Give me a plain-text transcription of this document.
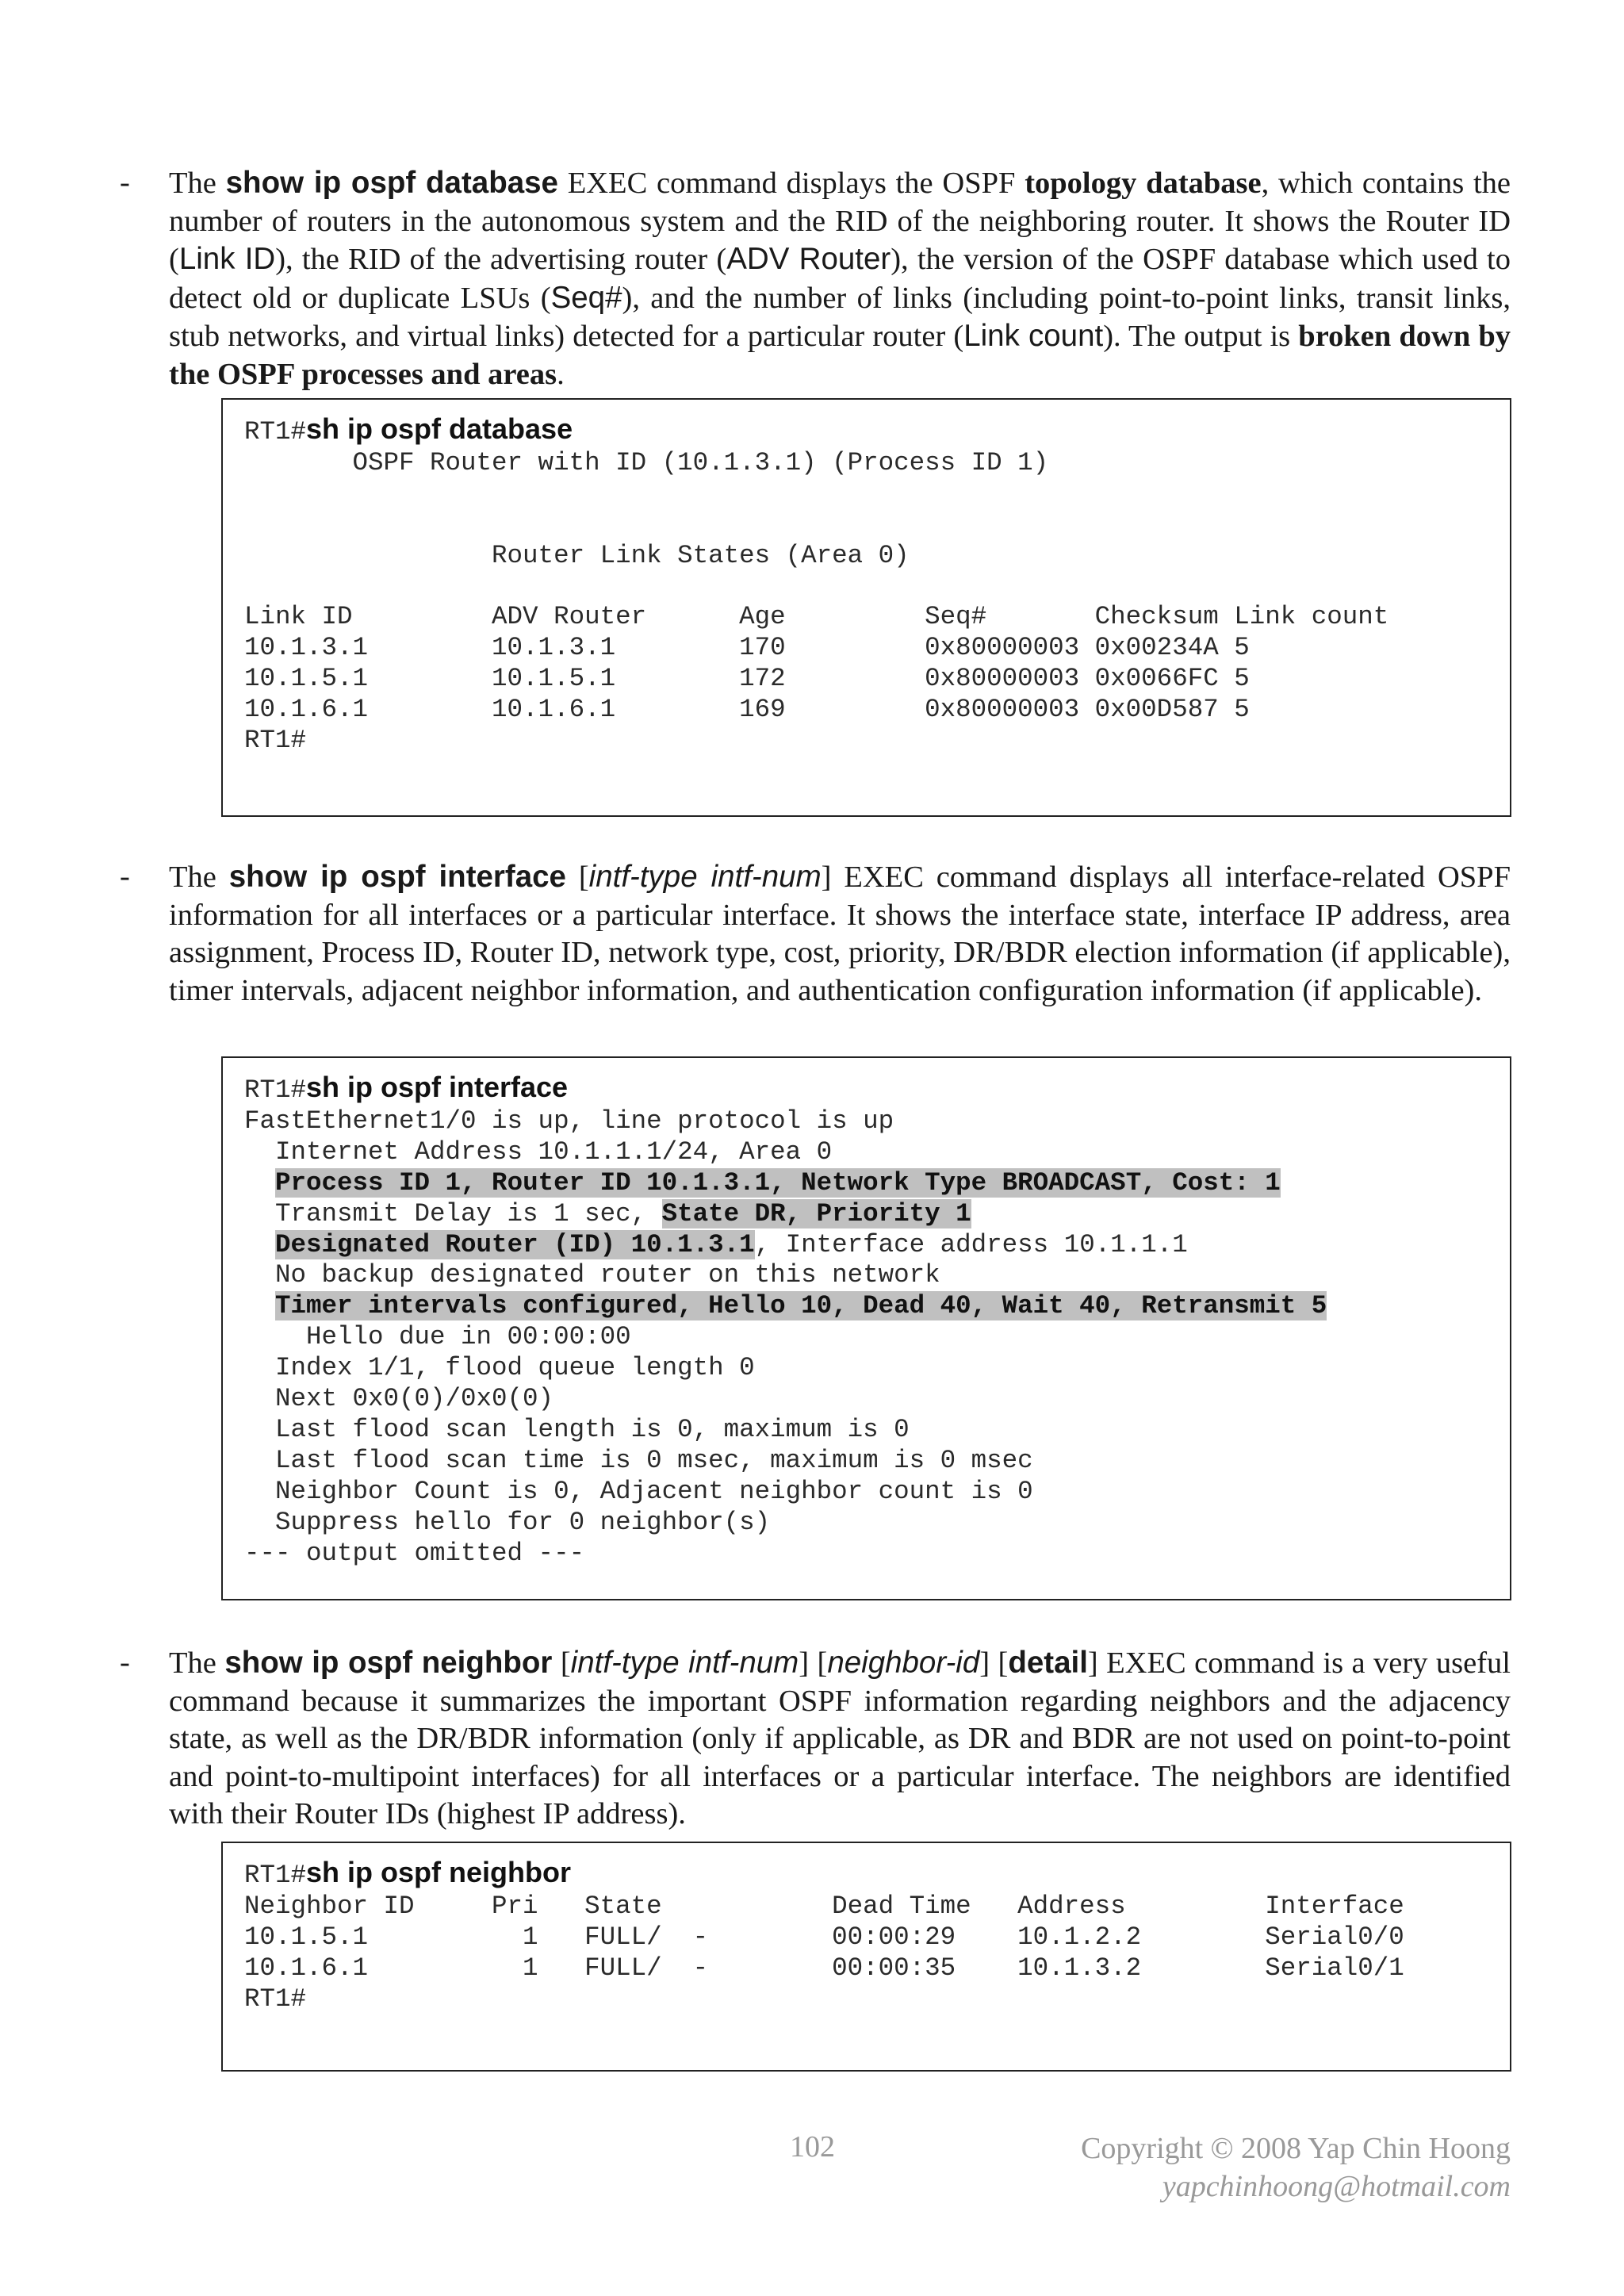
- The show ip ospf database EXEC command displays the OSPF topology database, which contains the number of routers in the autonomous system and the RID of the neighboring router. It shows the Router ID (Link ID), the RID of the advertising router (ADV Router), the version of the OSPF database which used to detect old or duplicate LSUs (Seq#), and the number of links (including point-to-point links, transit links, stub networks, and virtual links) detected for a particular router (Link count). The output is broken down by the OSPF processes and areas.

RT1#sh ip ospf database
OSPF Router with ID (10.1.3.1) (Process ID 1)

Router Link States (Area 0)

Link ID         ADV Router      Age         Seq#       Checksum Link count
10.1.3.1        10.1.3.1        170         0x80000003 0x00234A 5
10.1.5.1        10.1.5.1        172         0x80000003 0x0066FC 5
10.1.6.1        10.1.6.1        169         0x80000003 0x00D587 5
RT1#

- The show ip ospf interface [intf-type intf-num] EXEC command displays all interface-related OSPF information for all interfaces or a particular interface. It shows the interface state, interface IP address, area assignment, Process ID, Router ID, network type, cost, priority, DR/BDR election information (if applicable), timer intervals, adjacent neighbor information, and authentication configuration information (if applicable).

RT1#sh ip ospf interface
FastEthernet1/0 is up, line protocol is up
Internet Address 10.1.1.1/24, Area 0
Process ID 1, Router ID 10.1.3.1, Network Type BROADCAST, Cost: 1
Transmit Delay is 1 sec, State DR, Priority 1
Designated Router (ID) 10.1.3.1, Interface address 10.1.1.1
No backup designated router on this network
Timer intervals configured, Hello 10, Dead 40, Wait 40, Retransmit 5
Hello due in 00:00:00
Index 1/1, flood queue length 0
Next 0x0(0)/0x0(0)
Last flood scan length is 0, maximum is 0
Last flood scan time is 0 msec, maximum is 0 msec
Neighbor Count is 0, Adjacent neighbor count is 0
Suppress hello for 0 neighbor(s)
--- output omitted ---

- The show ip ospf neighbor [intf-type intf-num] [neighbor-id] [detail] EXEC command is a very useful command because it summarizes the important OSPF information regarding neighbors and the adjacency state, as well as the DR/BDR information (only if applicable, as DR and BDR are not used on point-to-point and point-to-multipoint interfaces) for all interfaces or a particular interface. The neighbors are identified with their Router IDs (highest IP address).

RT1#sh ip ospf neighbor
Neighbor ID     Pri   State           Dead Time   Address         Interface
10.1.5.1          1   FULL/  -        00:00:29    10.1.2.2        Serial0/0
10.1.6.1          1   FULL/  -        00:00:35    10.1.3.2        Serial0/1
RT1#

102	Copyright © 2008 Yap Chin Hoong
yapchinhoong@hotmail.com
